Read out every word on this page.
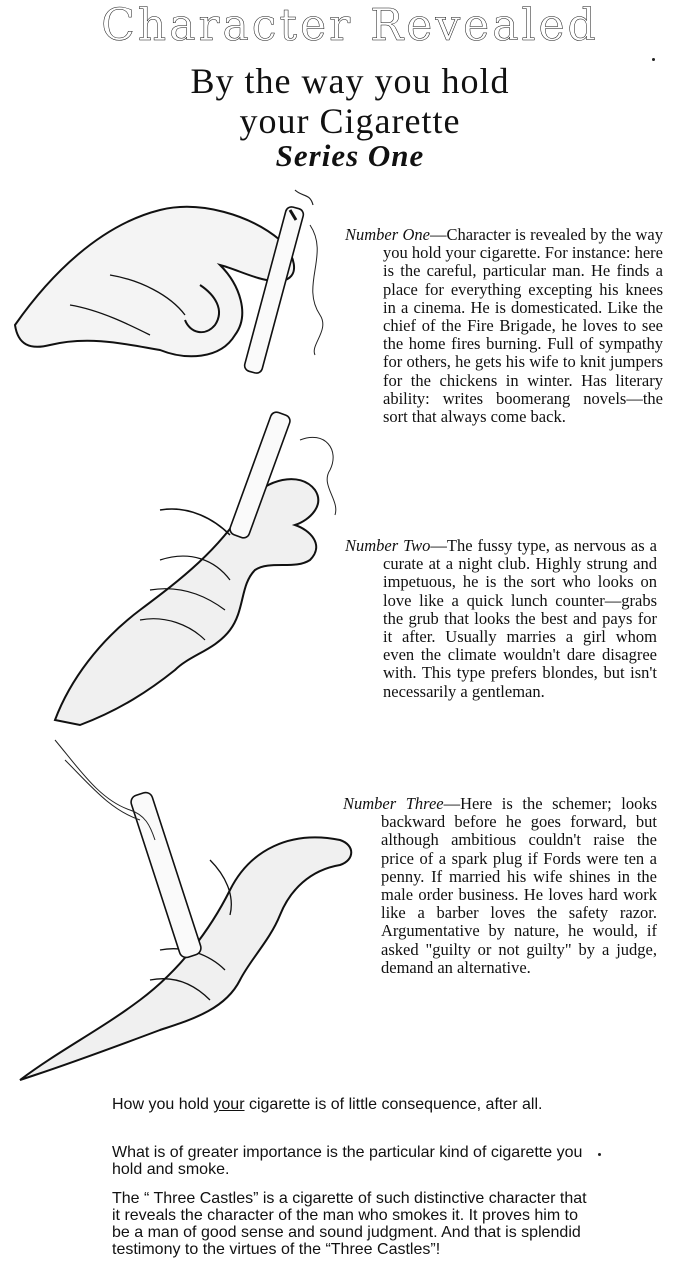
Character Revealed
By the way you hold
your Cigarette
Series One

Number One—Character is revealed by the way you hold your cigarette. For instance: here is the careful, particular man. He finds a place for everything excepting his knees in a cinema. He is domesticated. Like the chief of the Fire Brigade, he loves to see the home fires burning. Full of sympathy for others, he gets his wife to knit jumpers for the chickens in winter. Has literary ability: writes boomerang novels—the sort that always come back.

Number Two—The fussy type, as nervous as a curate at a night club. Highly strung and impetuous, he is the sort who looks on love like a quick lunch counter—grabs the grub that looks the best and pays for it after. Usually marries a girl whom even the climate wouldn't dare disagree with. This type prefers blondes, but isn't necessarily a gentleman.

Number Three—Here is the schemer; looks backward before he goes forward, but although ambitious couldn't raise the price of a spark plug if Fords were ten a penny. If married his wife shines in the male order business. He loves hard work like a barber loves the safety razor. Argumentative by nature, he would, if asked "guilty or not guilty" by a judge, demand an alternative.

How you hold your cigarette is of little consequence, after all.

What is of greater importance is the particular kind of cigarette you hold and smoke.

The “ Three Castles” is a cigarette of such distinctive character that it reveals the character of the man who smokes it. It proves him to be a man of good sense and sound judgment. And that is splendid testimony to the virtues of the “Three Castles”!
